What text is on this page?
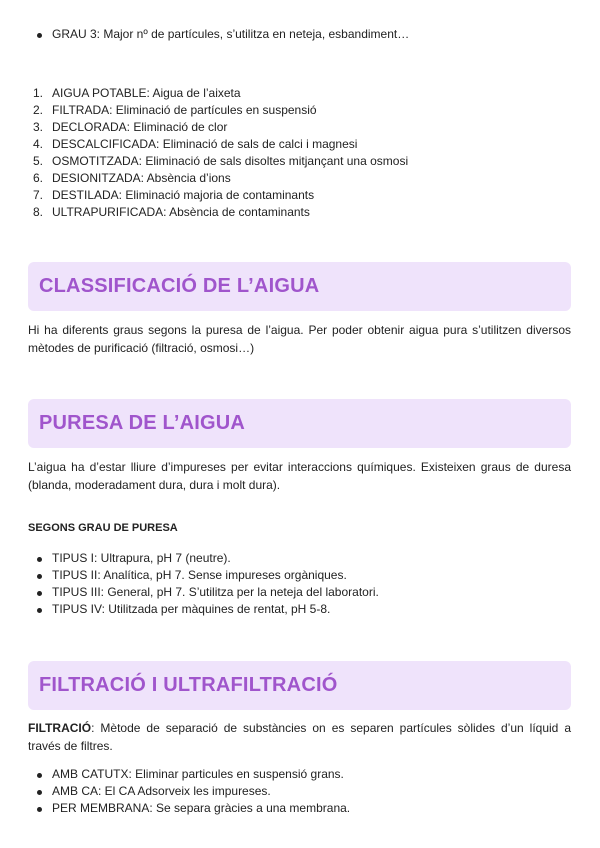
GRAU 3: Major nº de partícules, s’utilitza en neteja, esbandiment…
1. AIGUA POTABLE: Aigua de l’aixeta
2. FILTRADA: Eliminació de partícules en suspensió
3. DECLORADA: Eliminació de clor
4. DESCALCIFICADA: Eliminació de sals de calci i magnesi
5. OSMOTITZADA: Eliminació de sals disoltes mitjançant una osmosi
6. DESIONITZADA: Absència d’ions
7. DESTILADA: Eliminació majoria de contaminants
8. ULTRAPURIFICADA: Absència de contaminants
CLASSIFICACIÓ DE L’AIGUA

Hi ha diferents graus segons la puresa de l’aigua. Per poder obtenir aigua pura s’utilitzen diversos mètodes de purificació (filtració, osmosi…)

PURESA DE L’AIGUA

L’aigua ha d’estar lliure d’impureses per evitar interaccions químiques. Existeixen graus de duresa (blanda, moderadament dura, dura i molt dura).

SEGONS GRAU DE PURESA

TIPUS I: Ultrapura, pH 7 (neutre).
TIPUS II: Analítica, pH 7. Sense impureses orgàniques.
TIPUS III: General, pH 7. S’utilitza per la neteja del laboratori.
TIPUS IV: Utilitzada per màquines de rentat, pH 5-8.
FILTRACIÓ I ULTRAFILTRACIÓ

FILTRACIÓ: Mètode de separació de substàncies on es separen partícules sòlides d’un líquid a través de filtres.

AMB CATUTX: Eliminar particules en suspensió grans.
AMB CA: El CA Adsorveix les impureses.
PER MEMBRANA: Se separa gràcies a una membrana.
